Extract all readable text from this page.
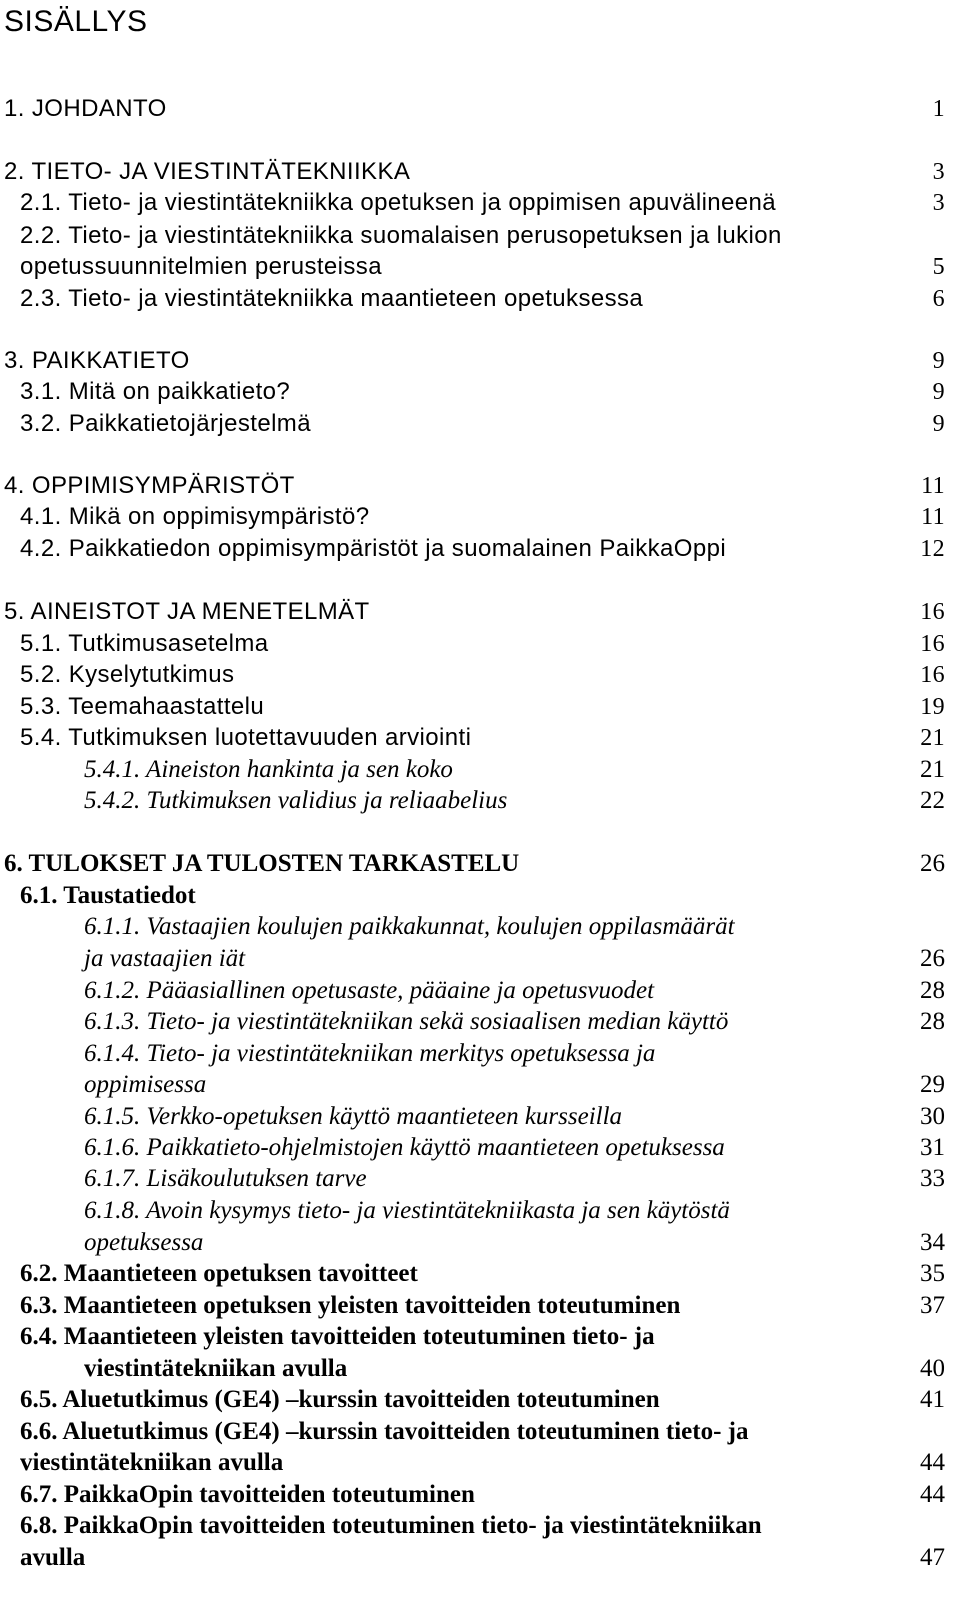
SISÄLLYS
1. JOHDANTO	1
2. TIETO- JA VIESTINTÄTEKNIIKKA	3
2.1. Tieto- ja viestintätekniikka opetuksen ja oppimisen apuvälineenä	3
2.2. Tieto- ja viestintätekniikka suomalaisen perusopetuksen ja lukion
opetussuunnitelmien perusteissa	5
2.3. Tieto- ja viestintätekniikka maantieteen opetuksessa	6
3. PAIKKATIETO	9
3.1. Mitä on paikkatieto?	9
3.2. Paikkatietojärjestelmä	9
4. OPPIMISYMPÄRISTÖT	11
4.1. Mikä on oppimisympäristö?	11
4.2. Paikkatiedon oppimisympäristöt ja suomalainen PaikkaOppi	12
5. AINEISTOT JA MENETELMÄT	16
5.1. Tutkimusasetelma	16
5.2. Kyselytutkimus	16
5.3. Teemahaastattelu	19
5.4. Tutkimuksen luotettavuuden arviointi	21
5.4.1. Aineiston hankinta ja sen koko	21
5.4.2. Tutkimuksen validius ja reliaabelius	22
6. TULOKSET JA TULOSTEN TARKASTELU	26
6.1. Taustatiedot
6.1.1. Vastaajien koulujen paikkakunnat, koulujen oppilasmäärät
ja vastaajien iät	26
6.1.2. Pääasiallinen opetusaste, pääaine ja opetusvuodet	28
6.1.3. Tieto- ja viestintätekniikan sekä sosiaalisen median käyttö	28
6.1.4. Tieto- ja viestintätekniikan merkitys opetuksessa ja
oppimisessa	29
6.1.5. Verkko-opetuksen käyttö maantieteen kursseilla	30
6.1.6. Paikkatieto-ohjelmistojen käyttö maantieteen opetuksessa	31
6.1.7. Lisäkoulutuksen tarve	33
6.1.8. Avoin kysymys tieto- ja viestintätekniikasta ja sen käytöstä
opetuksessa	34
6.2. Maantieteen opetuksen tavoitteet	35
6.3. Maantieteen opetuksen yleisten tavoitteiden toteutuminen	37
6.4. Maantieteen yleisten tavoitteiden toteutuminen tieto- ja
viestintätekniikan avulla	40
6.5. Aluetutkimus (GE4) –kurssin tavoitteiden toteutuminen	41
6.6. Aluetutkimus (GE4) –kurssin tavoitteiden toteutuminen tieto- ja
viestintätekniikan avulla	44
6.7. PaikkaOpin tavoitteiden toteutuminen	44
6.8. PaikkaOpin tavoitteiden toteutuminen tieto- ja viestintätekniikan
avulla	47
